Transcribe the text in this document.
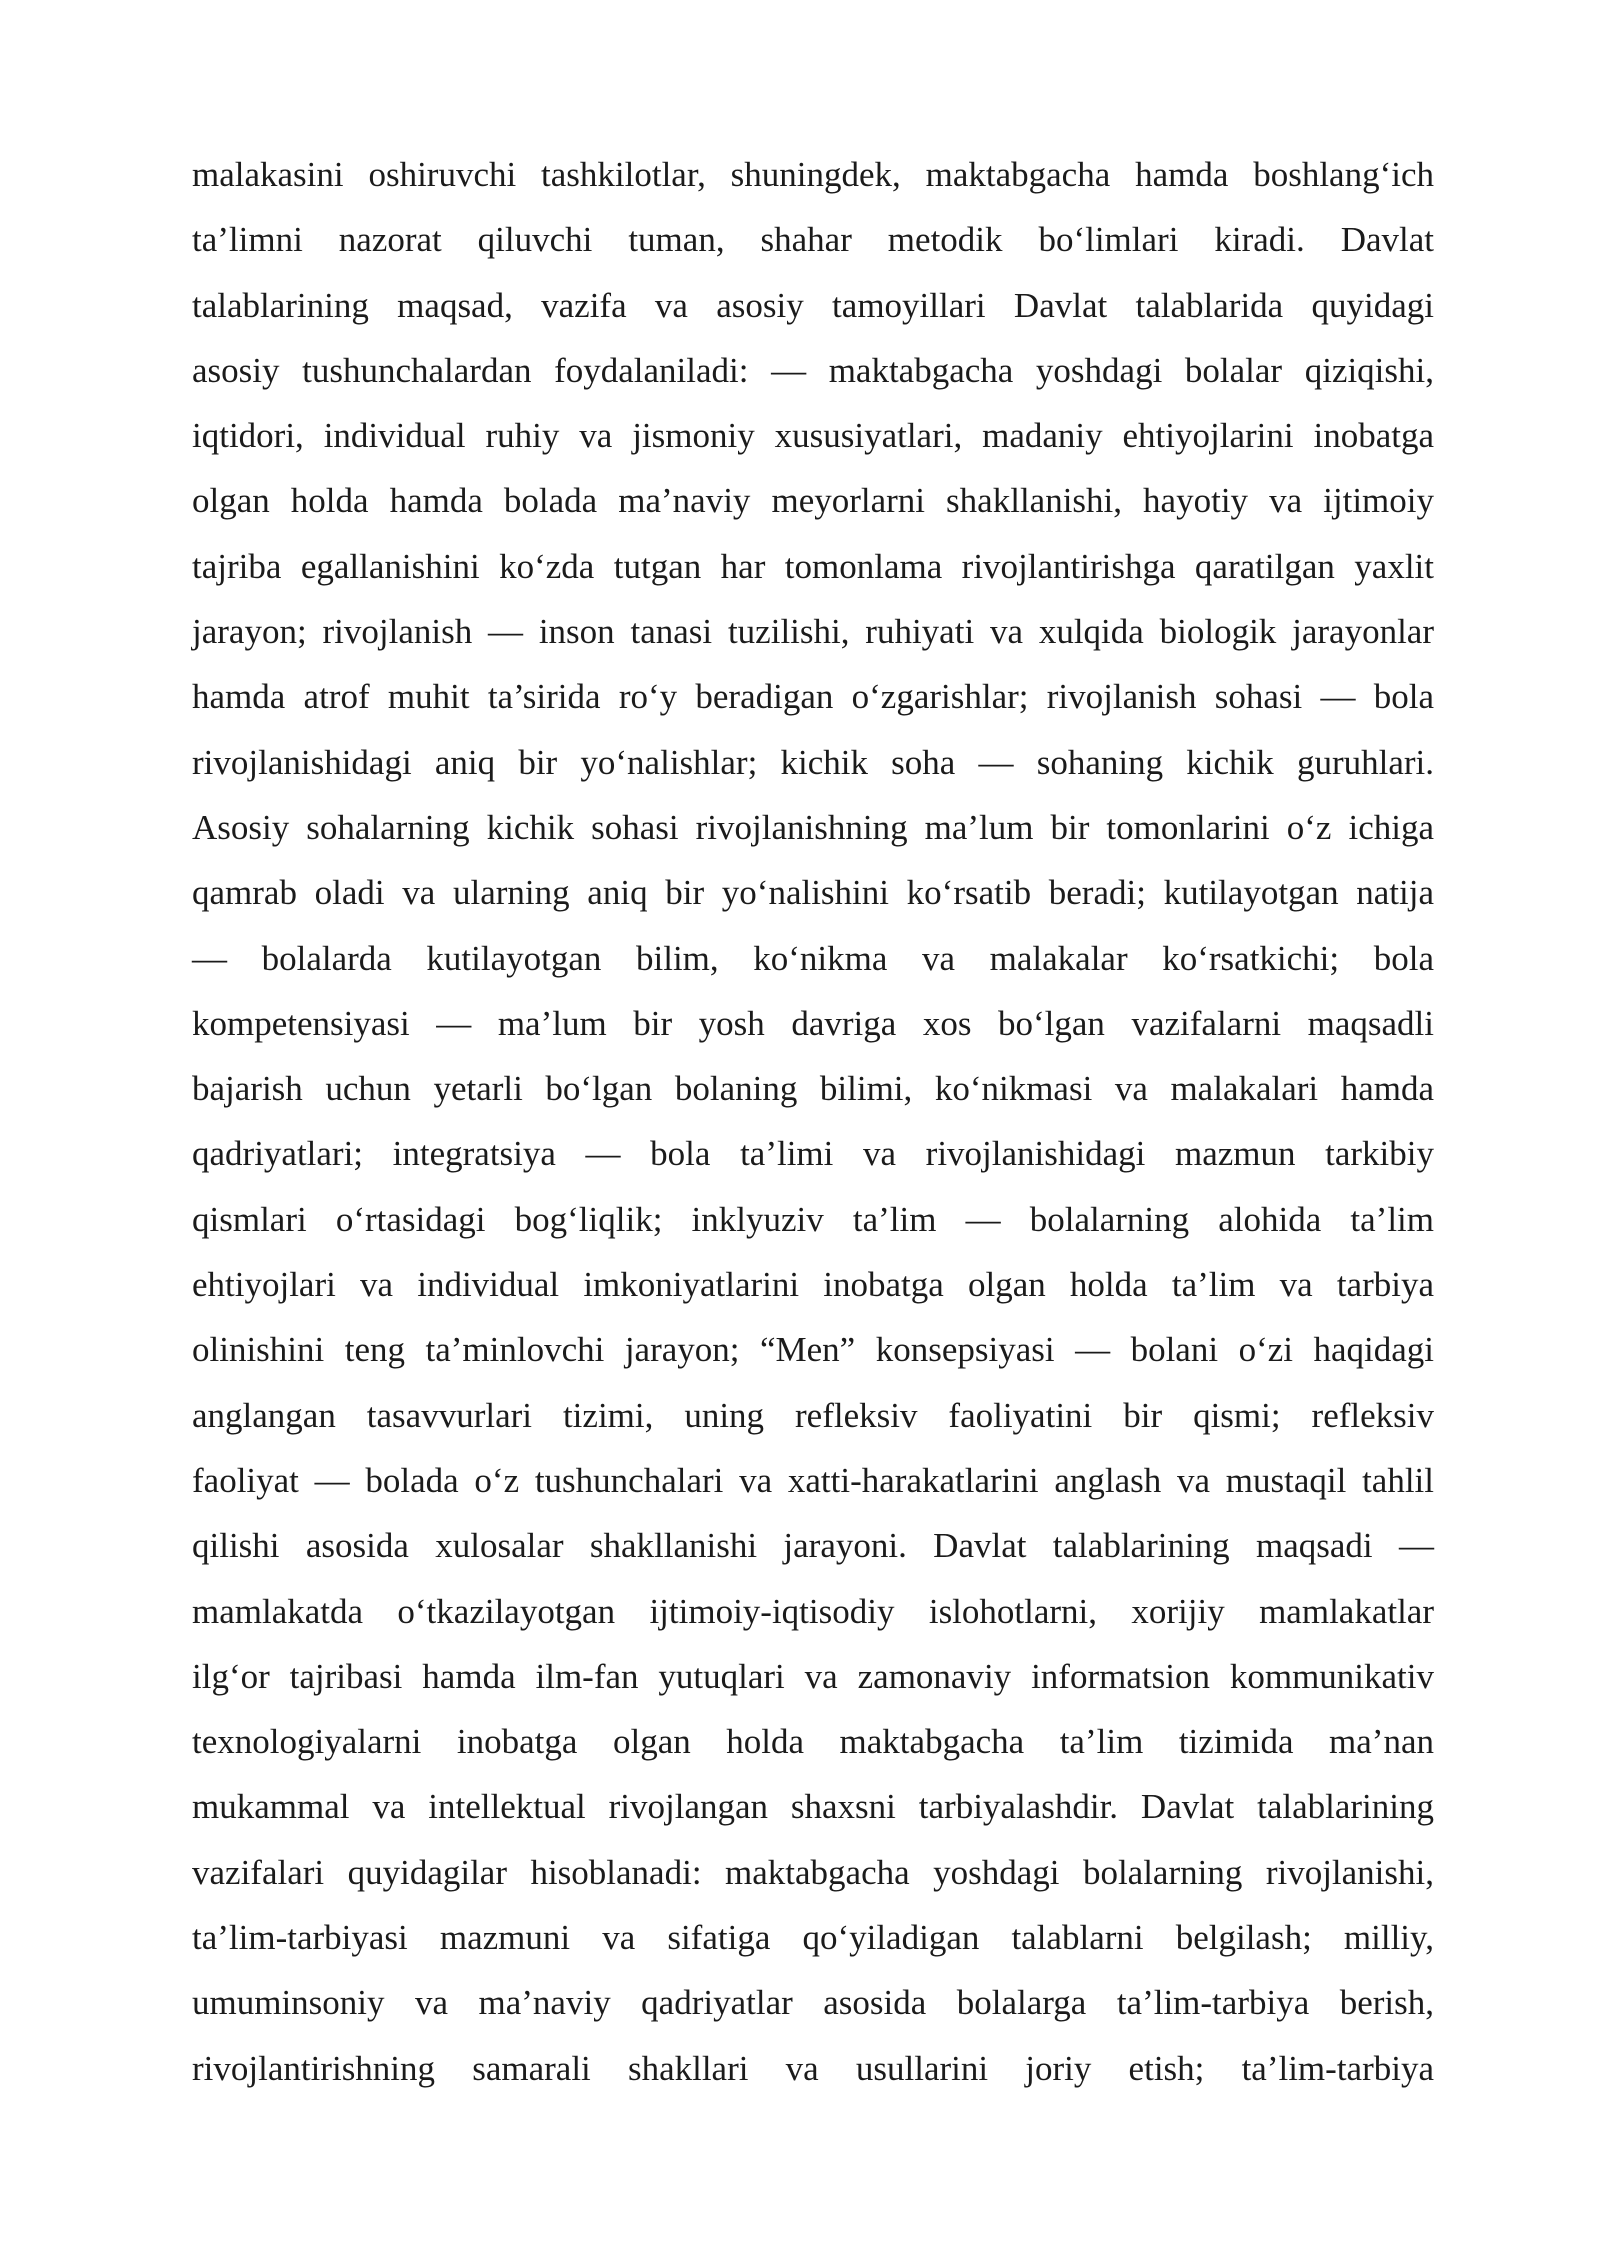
malakasini oshiruvchi tashkilotlar, shuningdek, maktabgacha hamda boshlang‘ich
ta’limni nazorat qiluvchi tuman, shahar metodik bo‘limlari kiradi. Davlat
talablarining maqsad, vazifa va asosiy tamoyillari Davlat talablarida quyidagi
asosiy tushunchalardan foydalaniladi: — maktabgacha yoshdagi bolalar qiziqishi,
iqtidori, individual ruhiy va jismoniy xususiyatlari, madaniy ehtiyojlarini inobatga
olgan holda hamda bolada ma’naviy meyorlarni shakllanishi, hayotiy va ijtimoiy
tajriba egallanishini ko‘zda tutgan har tomonlama rivojlantirishga qaratilgan yaxlit
jarayon; rivojlanish — inson tanasi tuzilishi, ruhiyati va xulqida biologik jarayonlar
hamda atrof muhit ta’sirida ro‘y beradigan o‘zgarishlar; rivojlanish sohasi — bola
rivojlanishidagi aniq bir yo‘nalishlar; kichik soha — sohaning kichik guruhlari.
Asosiy sohalarning kichik sohasi rivojlanishning ma’lum bir tomonlarini o‘z ichiga
qamrab oladi va ularning aniq bir yo‘nalishini ko‘rsatib beradi; kutilayotgan natija
— bolalarda kutilayotgan bilim, ko‘nikma va malakalar ko‘rsatkichi; bola
kompetensiyasi — ma’lum bir yosh davriga xos bo‘lgan vazifalarni maqsadli
bajarish uchun yetarli bo‘lgan bolaning bilimi, ko‘nikmasi va malakalari hamda
qadriyatlari; integratsiya — bola ta’limi va rivojlanishidagi mazmun tarkibiy
qismlari o‘rtasidagi bog‘liqlik; inklyuziv ta’lim — bolalarning alohida ta’lim
ehtiyojlari va individual imkoniyatlarini inobatga olgan holda ta’lim va tarbiya
olinishini teng ta’minlovchi jarayon; “Men” konsepsiyasi — bolani o‘zi haqidagi
anglangan tasavvurlari tizimi, uning refleksiv faoliyatini bir qismi; refleksiv
faoliyat — bolada o‘z tushunchalari va xatti-harakatlarini anglash va mustaqil tahlil
qilishi asosida xulosalar shakllanishi jarayoni. Davlat talablarining maqsadi —
mamlakatda o‘tkazilayotgan ijtimoiy-iqtisodiy islohotlarni, xorijiy mamlakatlar
ilg‘or tajribasi hamda ilm-fan yutuqlari va zamonaviy informatsion kommunikativ
texnologiyalarni inobatga olgan holda maktabgacha ta’lim tizimida ma’nan
mukammal va intellektual rivojlangan shaxsni tarbiyalashdir. Davlat talablarining
vazifalari quyidagilar hisoblanadi: maktabgacha yoshdagi bolalarning rivojlanishi,
ta’lim-tarbiyasi mazmuni va sifatiga qo‘yiladigan talablarni belgilash; milliy,
umuminsoniy va ma’naviy qadriyatlar asosida bolalarga ta’lim-tarbiya berish,
rivojlantirishning samarali shakllari va usullarini joriy etish; ta’lim-tarbiya
